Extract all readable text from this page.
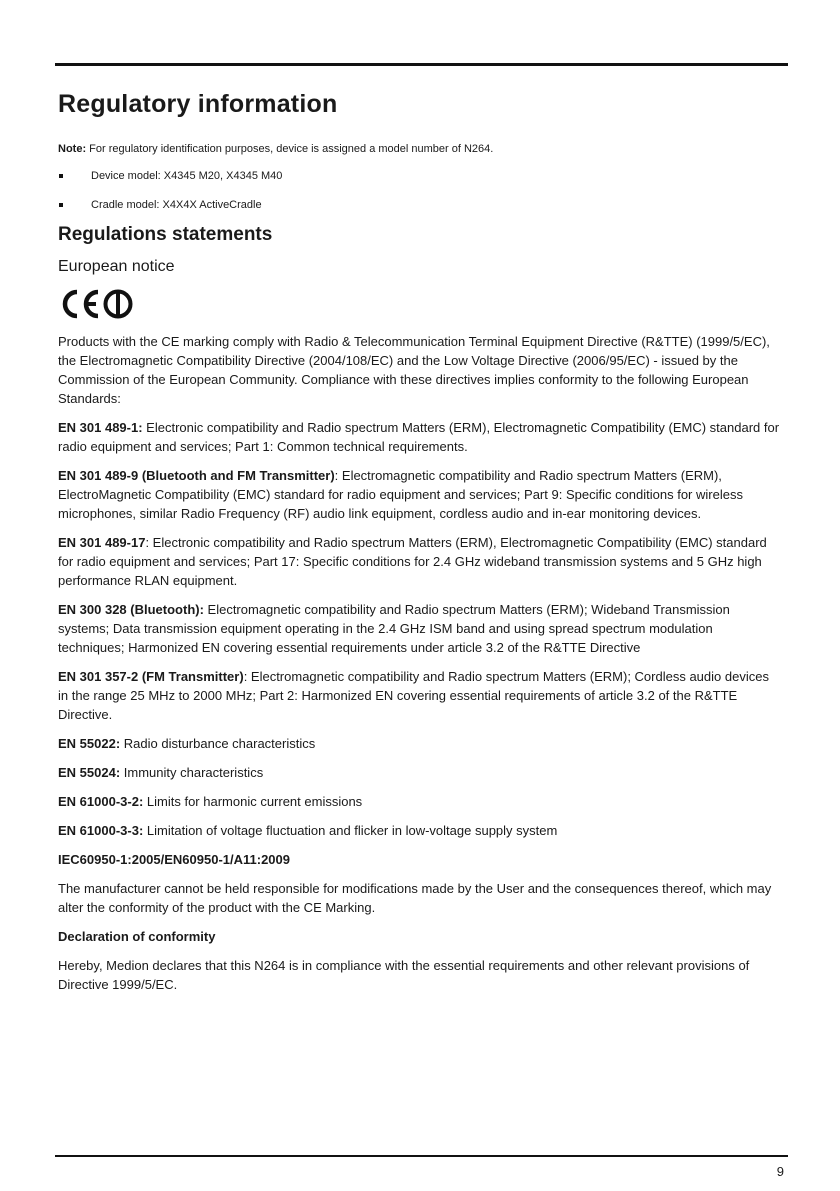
Regulatory information
Note: For regulatory identification purposes, device is assigned a model number of N264.
Device model: X4345 M20, X4345 M40
Cradle model: X4X4X ActiveCradle
Regulations statements
European notice

Products with the CE marking comply with Radio & Telecommunication Terminal Equipment Directive (R&TTE) (1999/5/EC), the Electromagnetic Compatibility Directive (2004/108/EC) and the Low Voltage Directive (2006/95/EC) - issued by the Commission of the European Community. Compliance with these directives implies conformity to the following European Standards:

EN 301 489-1: Electronic compatibility and Radio spectrum Matters (ERM), Electromagnetic Compatibility (EMC) standard for radio equipment and services; Part 1: Common technical requirements.

EN 301 489-9 (Bluetooth and FM Transmitter): Electromagnetic compatibility and Radio spectrum Matters (ERM), ElectroMagnetic Compatibility (EMC) standard for radio equipment and services; Part 9: Specific conditions for wireless microphones, similar Radio Frequency (RF) audio link equipment, cordless audio and in-ear monitoring devices.

EN 301 489-17: Electronic compatibility and Radio spectrum Matters (ERM), Electromagnetic Compatibility (EMC) standard for radio equipment and services; Part 17: Specific conditions for 2.4 GHz wideband transmission systems and 5 GHz high performance RLAN equipment.

EN 300 328 (Bluetooth): Electromagnetic compatibility and Radio spectrum Matters (ERM); Wideband Transmission systems; Data transmission equipment operating in the 2.4 GHz ISM band and using spread spectrum modulation techniques; Harmonized EN covering essential requirements under article 3.2 of the R&TTE Directive

EN 301 357-2 (FM Transmitter): Electromagnetic compatibility and Radio spectrum Matters (ERM); Cordless audio devices in the range 25 MHz to 2000 MHz; Part 2: Harmonized EN covering essential requirements of article 3.2 of the R&TTE Directive.

EN 55022: Radio disturbance characteristics

EN 55024: Immunity characteristics

EN 61000-3-2: Limits for harmonic current emissions

EN 61000-3-3: Limitation of voltage fluctuation and flicker in low-voltage supply system

IEC60950-1:2005/EN60950-1/A11:2009

The manufacturer cannot be held responsible for modifications made by the User and the consequences thereof, which may alter the conformity of the product with the CE Marking.

Declaration of conformity

Hereby, Medion declares that this N264 is in compliance with the essential requirements and other relevant provisions of Directive 1999/5/EC.

9
